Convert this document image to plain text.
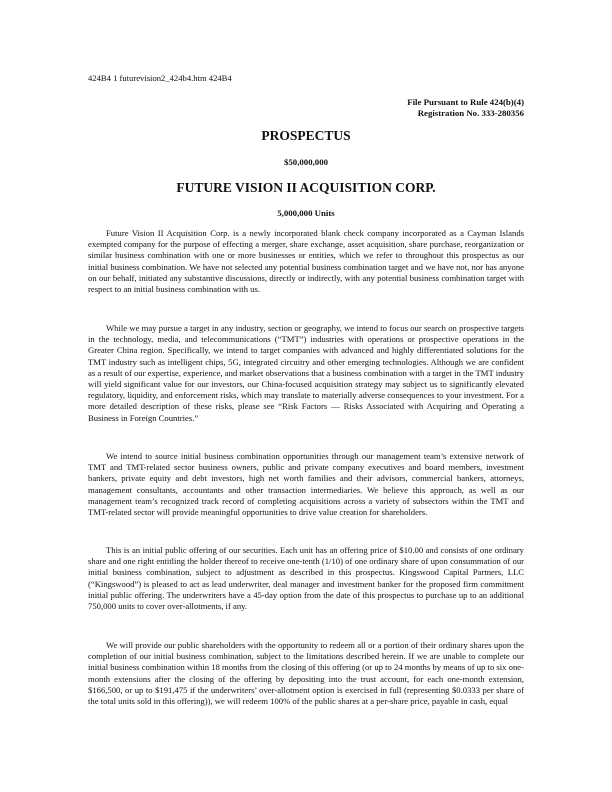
424B4 1 futurevision2_424b4.htm 424B4
File Pursuant to Rule 424(b)(4)
Registration No. 333-280356
PROSPECTUS
$50,000,000
FUTURE VISION II ACQUISITION CORP.
5,000,000 Units

Future Vision II Acquisition Corp. is a newly incorporated blank check company incorporated as a Cayman Islands exempted company for the purpose of effecting a merger, share exchange, asset acquisition, share purchase, reorganization or similar business combination with one or more businesses or entities, which we refer to throughout this prospectus as our initial business combination. We have not selected any potential business combination target and we have not, nor has anyone on our behalf, initiated any substantive discussions, directly or indirectly, with any potential business combination target with respect to an initial business combination with us.

While we may pursue a target in any industry, section or geography, we intend to focus our search on prospective targets in the technology, media, and telecommunications (“TMT”) industries with operations or prospective operations in the Greater China region. Specifically, we intend to target companies with advanced and highly differentiated solutions for the TMT industry such as intelligent chips, 5G, integrated circuitry and other emerging technologies. Although we are confident as a result of our expertise, experience, and market observations that a business combination with a target in the TMT industry will yield significant value for our investors, our China-focused acquisition strategy may subject us to significantly elevated regulatory, liquidity, and enforcement risks, which may translate to materially adverse consequences to your investment. For a more detailed description of these risks, please see “Risk Factors — Risks Associated with Acquiring and Operating a Business in Foreign Countries.”

We intend to source initial business combination opportunities through our management team’s extensive network of TMT and TMT-related sector business owners, public and private company executives and board members, investment bankers, private equity and debt investors, high net worth families and their advisors, commercial bankers, attorneys, management consultants, accountants and other transaction intermediaries. We believe this approach, as well as our management team’s recognized track record of completing acquisitions across a variety of subsectors within the TMT and TMT-related sector will provide meaningful opportunities to drive value creation for shareholders.

This is an initial public offering of our securities. Each unit has an offering price of $10.00 and consists of one ordinary share and one right entitling the holder thereof to receive one-tenth (1/10) of one ordinary share of upon consummation of our initial business combination, subject to adjustment as described in this prospectus. Kingswood Capital Partners, LLC (“Kingswood”) is pleased to act as lead underwriter, deal manager and investment banker for the proposed firm commitment initial public offering. The underwriters have a 45-day option from the date of this prospectus to purchase up to an additional 750,000 units to cover over-allotments, if any.

We will provide our public shareholders with the opportunity to redeem all or a portion of their ordinary shares upon the completion of our initial business combination, subject to the limitations described herein. If we are unable to complete our initial business combination within 18 months from the closing of this offering (or up to 24 months by means of up to six one-month extensions after the closing of the offering by depositing into the trust account, for each one-month extension, $166,500, or up to $191,475 if the underwriters’ over-allotment option is exercised in full (representing $0.0333 per share of the total units sold in this offering)), we will redeem 100% of the public shares at a per-share price, payable in cash, equal
